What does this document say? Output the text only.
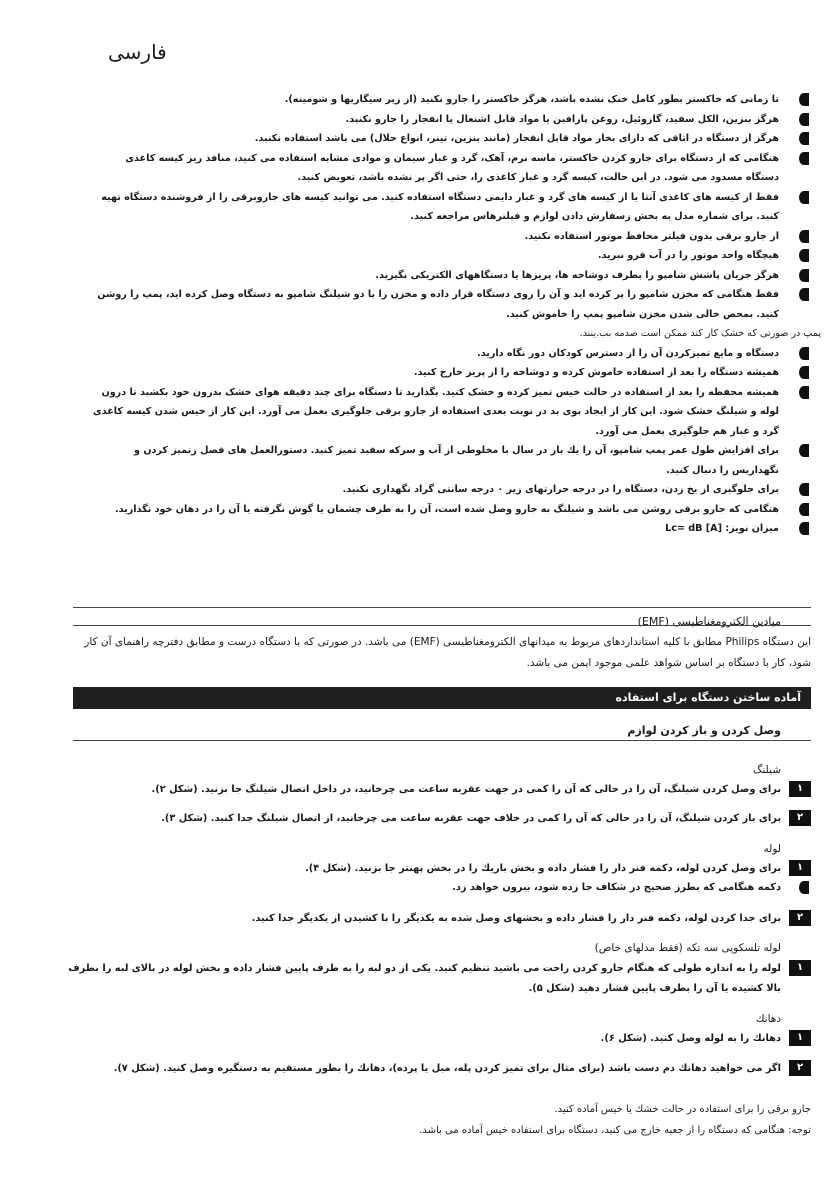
فارسی
تا زمانی که خاکستر بطور کامل خنک نشده باشد، هرگز خاکستر را جارو نکنید (از زیر سیگاریها و شومینه).
هرگز بنزین، الکل سفید، گازوئیل، روغن پارافین یا مواد قابل اشتعال یا انفجار را جارو نکنید.
هرگز از دستگاه در اتاقی که دارای بخار مواد قابل انفجار (مانند بنزین، تینر، انواع حلال) می باشد استفاده نکنید.
هنگامی که از دستگاه برای جارو کردن خاکستر، ماسه نرم، آهک، گرد و غبار سیمان و موادی مشابه استفاده می کنید، منافذ ریز کیسه کاغذی دستگاه مسدود می شود. در این حالت، کیسه گرد و غبار کاغذی را، حتی اگر پر نشده باشد، تعویض کنید.
فقط از کیسه های کاغذی آنتا یا از کیسه های گرد و غبار دایمی دستگاه استفاده کنید. می توانید کیسه های جاروبرقی را از فروشنده دستگاه تهیه کنید. برای شماره مدل به بخش زسفارش دادن لوازم و فیلترهاس مراجعه کنید.
از جارو برقی بدون فیلتر محافظ موتور استفاده نکنید.
هیچگاه واحد موتور را در آب فرو نبرید.
هرگز جریان پاشش شامپو را بطرف دوشاخه ها، پریزها یا دستگاههای الکتریکی نگیرید.
فقط هنگامی که مخزن شامپو را پر کرده اید و آن را روی دستگاه قرار داده و مخزن را با دو شیلنگ شامپو به دستگاه وصل کرده اید، پمپ را روشن کنید. بمحض خالی شدن مخزن شامپو پمپ را خاموش کنید.
پمپ در صورتی که خشک کار کند ممکن است صدمه بب.ینند.
دستگاه و مایع تمیزکردن آن را از دسترس کودکان دور نگاه دارید.
همیشه دستگاه را بعد از استفاده خاموش کرده و دوشاخه را از پریز خارج کنید.
همیشه محفظه را بعد از استفاده در حالت خیس تمیز کرده و خشک کنید. بگذارید تا دستگاه برای چند دقیقه هوای خشک بدرون خود بکشید تا درون لوله و شیلنگ خشک شود. این کار از ایجاد بوی بد در نوبت بعدی استفاده از جارو برقی جلوگیری بعمل می آورد. این کار از خیس شدن کیسه کاغذی گرد و غبار هم جلوگیری بعمل می آورد.
برای افزایش طول عمر پمپ شامپو، آن را یك بار در سال با مخلوطی از آب و سرکه سفید تمیز کنید. دستورالعمل های فصل زتمیز کردن و نگهداریس را دنبال کنید.
برای جلوگیری از یخ زدن، دستگاه را در درجه حرارتهای زیر ۰ درجه سانتی گراد نگهداری نکنید.
هنگامی که جارو برقی روشن می باشد و شیلنگ به جارو وصل شده است، آن را به طرف چشمان یا گوش نگرفته یا آن را در دهان خود نگذارید.
میزان نویز: Lc= dB [A]
میادین الکترومغناطیسی (EMF)
این دستگاه Philips مطابق با کلیه استانداردهای مربوط به میدانهای الکترومغناطیسی (EMF) می باشد. در صورتی که با دستگاه درست و مطابق دفترچه راهنمای آن کار شود، کار با دستگاه بر اساس شواهد علمی موجود ایمن می باشد.
آماده ساختن دستگاه برای استفاده
وصل کردن و باز کردن لوازم
شیلنگ
۱
برای وصل کردن شیلنگ، آن را در حالی که آن را کمی در جهت عقربه ساعت می چرخانید، در داخل اتصال شیلنگ جا بزنید. (شکل ۲).
۲
برای باز کردن شیلنگ، آن را در حالی که آن را کمی در خلاف جهت عقربه ساعت می چرخانید، از اتصال شیلنگ جدا کنید. (شکل ۳).
لوله
۱
برای وصل کردن لوله، دکمه فنر دار را فشار داده و بخش باریك را در بخش پهنتر جا بزنید. (شکل ۴).
دکمه هنگامی که بطرز صحیح در شکاف جا زده شود، بیرون خواهد زد.
۲
برای جدا کردن لوله، دکمه فنر دار را فشار داده و بخشهای وصل شده به یکدیگر را با کشیدن از یکدیگر جدا کنید.
لوله تلسکوپی سه تکه (فقط مدلهای خاص)
۱
لوله را به اندازه طولی که هنگام جارو کردن راحت می باشید تنظیم کنید. یکی از دو لبه را به طرف پایین فشار داده و بخش لوله در بالای لبه را بطرف بالا کشیده یا آن را بطرف پایین فشار دهید (شکل ۵).
دهانك
۱
دهانك را به لوله وصل کنید. (شکل ۶).
۲
اگر می خواهید دهانك دم دست باشد (برای مثال برای تمیز کردن پله، مبل یا پرده)، دهانك را بطور مستقیم به دستگیره وصل کنید. (شکل ۷).
جارو برقی را برای استفاده در حالت خشك یا خیس آماده کنید.
توجه: هنگامی که دستگاه را از جعبه خارج می کنید، دستگاه برای استفاده خیس آماده می باشد.
